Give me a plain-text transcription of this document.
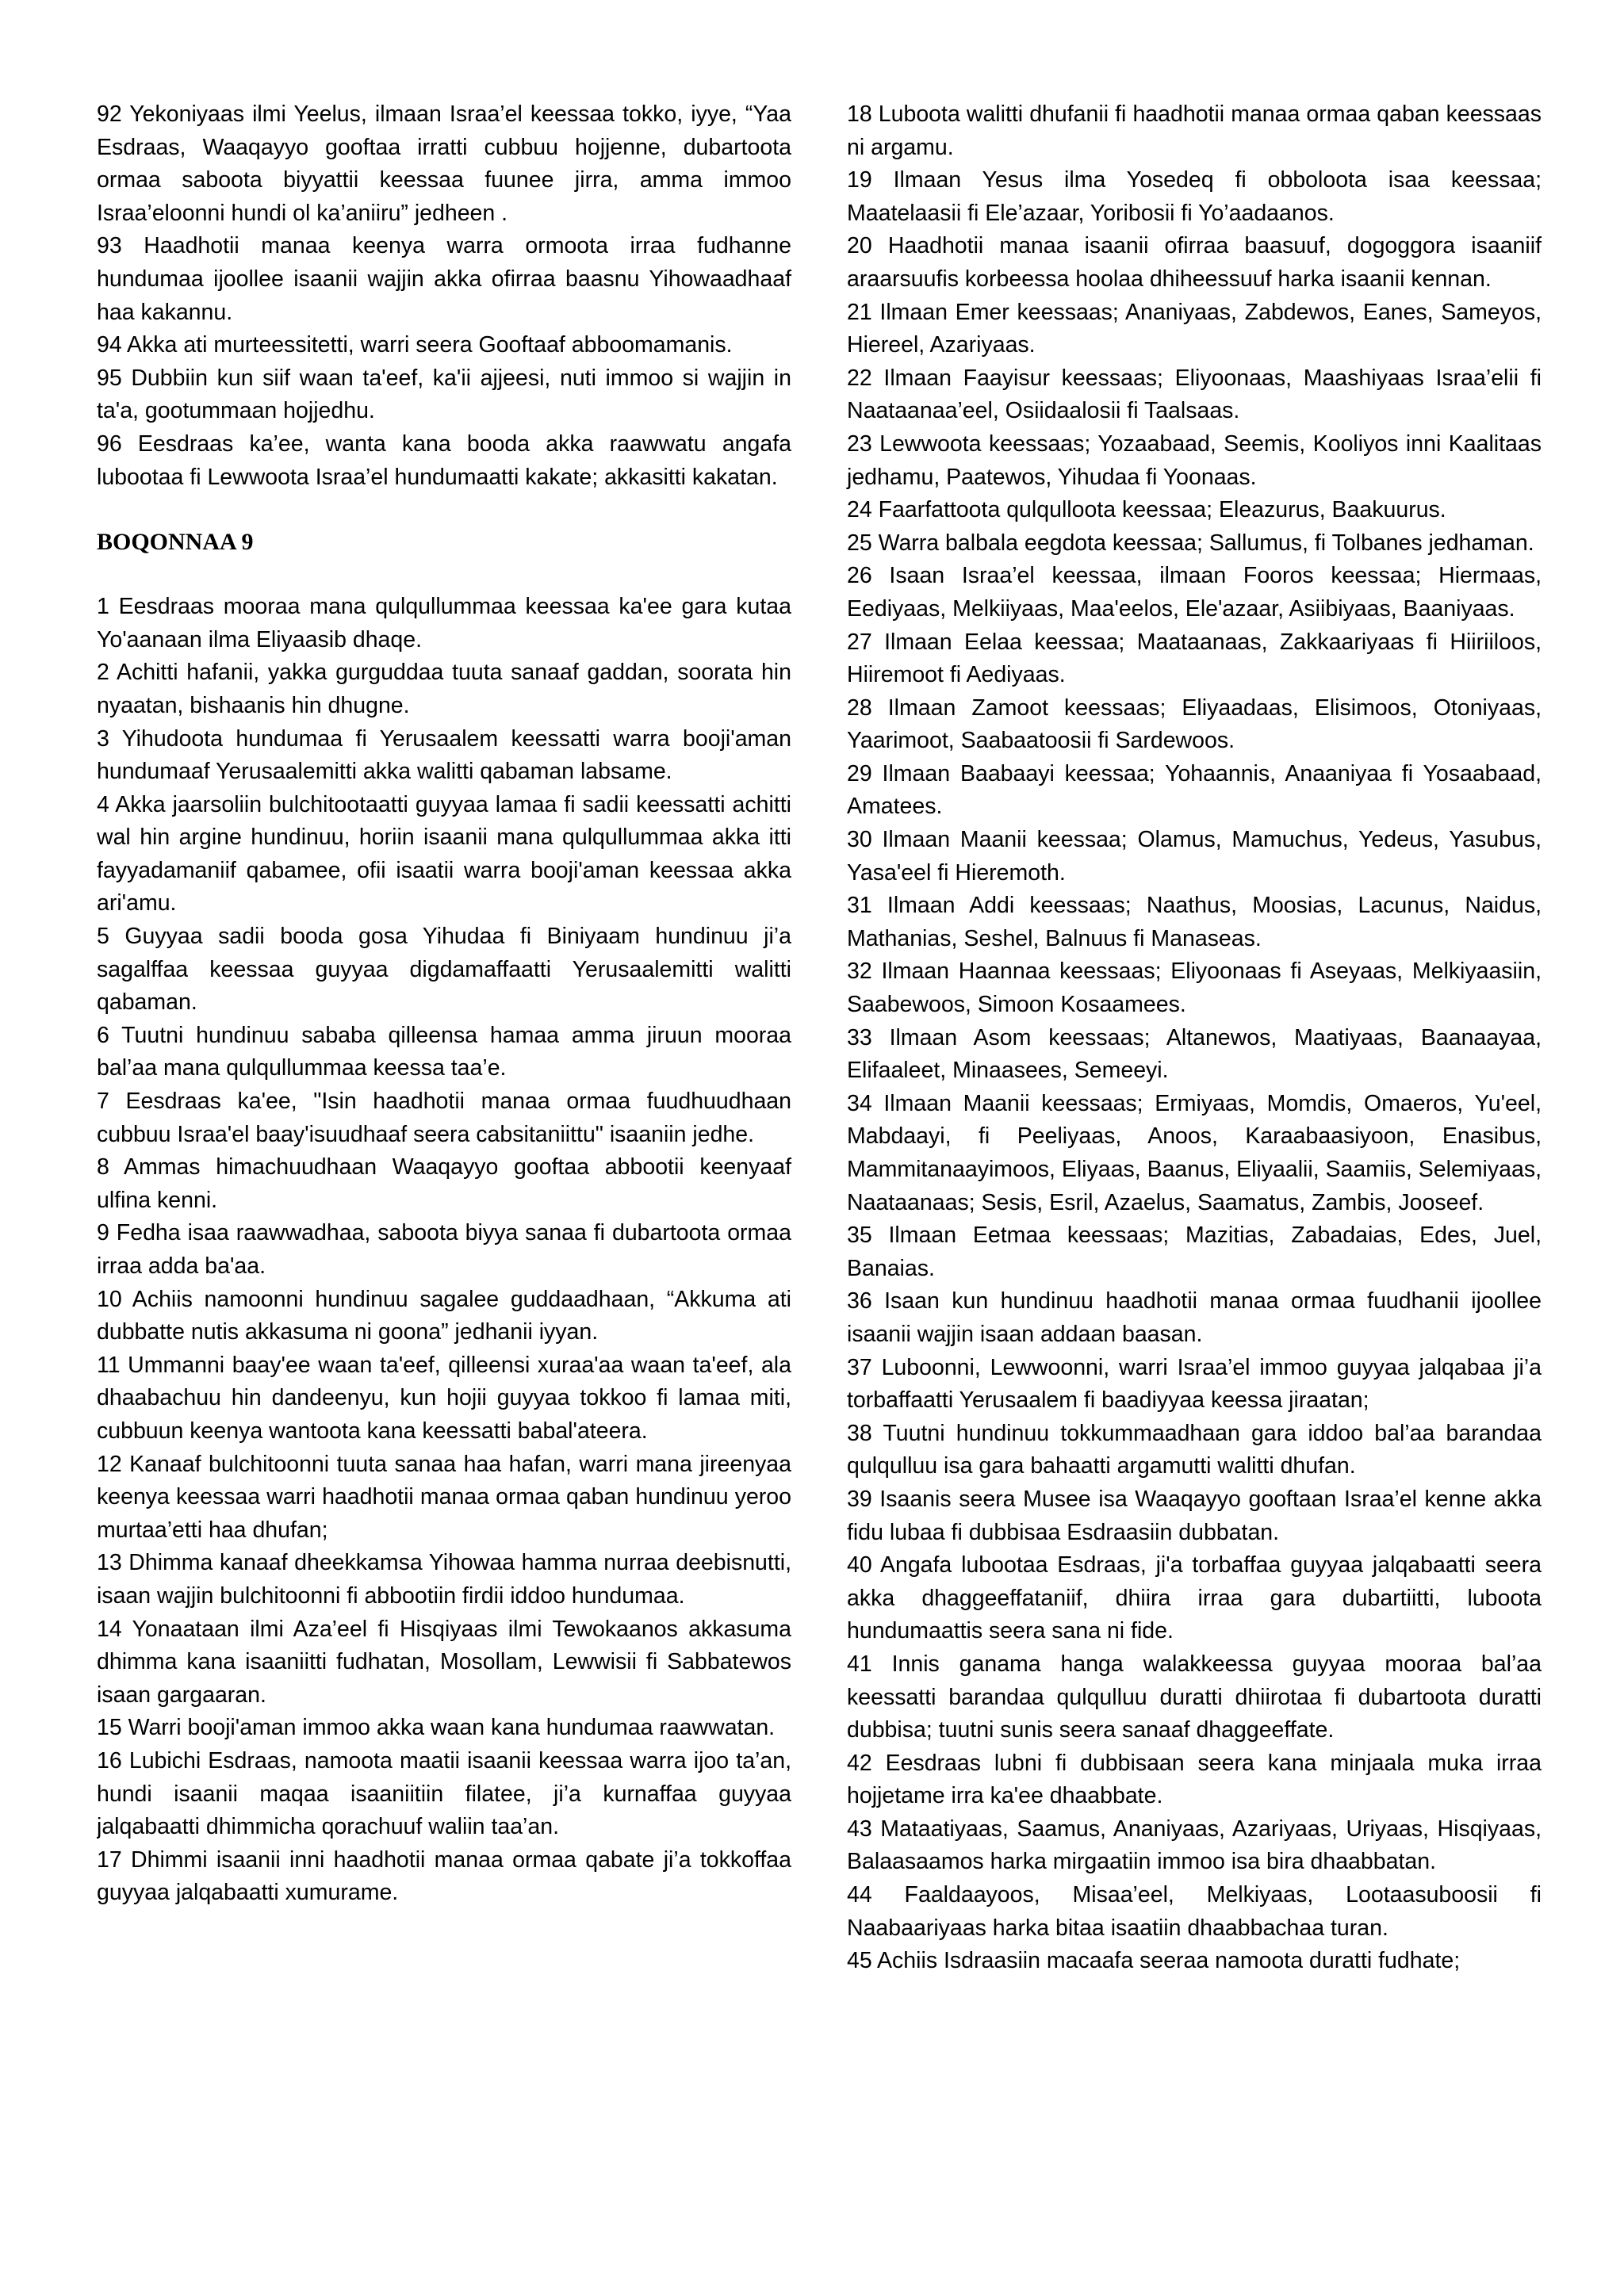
92 Yekoniyaas ilmi Yeelus, ilmaan Israa’el keessaa tokko, iyye, “Yaa Esdraas, Waaqayyo gooftaa irratti cubbuu hojjenne, dubartoota ormaa saboota biyyattii keessaa fuunee jirra, amma immoo Israa’eloonni hundi ol ka’aniiru” jedheen .

93 Haadhotii manaa keenya warra ormoota irraa fudhanne hundumaa ijoollee isaanii wajjin akka ofirraa baasnu Yihowaadhaaf haa kakannu.

94 Akka ati murteessitetti, warri seera Gooftaaf abboomamanis.

95 Dubbiin kun siif waan ta'eef, ka'ii ajjeesi, nuti immoo si wajjin in ta'a, gootummaan hojjedhu.

96 Eesdraas ka’ee, wanta kana booda akka raawwatu angafa lubootaa fi Lewwoota Israa’el hundumaatti kakate; akkasitti kakatan.

BOQONNAA 9

1 Eesdraas mooraa mana qulqullummaa keessaa ka'ee gara kutaa Yo'aanaan ilma Eliyaasib dhaqe.

2 Achitti hafanii, yakka gurguddaa tuuta sanaaf gaddan, soorata hin nyaatan, bishaanis hin dhugne.

3 Yihudoota hundumaa fi Yerusaalem keessatti warra booji'aman hundumaaf Yerusaalemitti akka walitti qabaman labsame.

4 Akka jaarsoliin bulchitootaatti guyyaa lamaa fi sadii keessatti achitti wal hin argine hundinuu, horiin isaanii mana qulqullummaa akka itti fayyadamaniif qabamee, ofii isaatii warra booji'aman keessaa akka ari'amu.

5 Guyyaa sadii booda gosa Yihudaa fi Biniyaam hundinuu ji’a sagalffaa keessaa guyyaa digdamaffaatti Yerusaalemitti walitti qabaman.

6 Tuutni hundinuu sababa qilleensa hamaa amma jiruun mooraa bal’aa mana qulqullummaa keessa taa’e.

7 Eesdraas ka'ee, "Isin haadhotii manaa ormaa fuudhuudhaan cubbuu Israa'el baay'isuudhaaf seera cabsitaniittu" isaaniin jedhe.

8 Ammas himachuudhaan Waaqayyo gooftaa abbootii keenyaaf ulfina kenni.

9 Fedha isaa raawwadhaa, saboota biyya sanaa fi dubartoota ormaa irraa adda ba'aa.

10 Achiis namoonni hundinuu sagalee guddaadhaan, “Akkuma ati dubbatte nutis akkasuma ni goona” jedhanii iyyan.

11 Ummanni baay'ee waan ta'eef, qilleensi xuraa'aa waan ta'eef, ala dhaabachuu hin dandeenyu, kun hojii guyyaa tokkoo fi lamaa miti, cubbuun keenya wantoota kana keessatti babal'ateera.

12 Kanaaf bulchitoonni tuuta sanaa haa hafan, warri mana jireenyaa keenya keessaa warri haadhotii manaa ormaa qaban hundinuu yeroo murtaa’etti haa dhufan;

13 Dhimma kanaaf dheekkamsa Yihowaa hamma nurraa deebisnutti, isaan wajjin bulchitoonni fi abbootiin firdii iddoo hundumaa.

14 Yonaataan ilmi Aza’eel fi Hisqiyaas ilmi Tewokaanos akkasuma dhimma kana isaaniitti fudhatan, Mosollam, Lewwisii fi Sabbatewos isaan gargaaran.

15 Warri booji'aman immoo akka waan kana hundumaa raawwatan.

16 Lubichi Esdraas, namoota maatii isaanii keessaa warra ijoo ta’an, hundi isaanii maqaa isaaniitiin filatee, ji’a kurnaffaa guyyaa jalqabaatti dhimmicha qorachuuf waliin taa’an.

17 Dhimmi isaanii inni haadhotii manaa ormaa qabate ji’a tokkoffaa guyyaa jalqabaatti xumurame.

18 Luboota walitti dhufanii fi haadhotii manaa ormaa qaban keessaas ni argamu.

19 Ilmaan Yesus ilma Yosedeq fi obboloota isaa keessaa; Maatelaasii fi Ele’azaar, Yoribosii fi Yo’aadaanos.

20 Haadhotii manaa isaanii ofirraa baasuuf, dogoggora isaaniif araarsuufis korbeessa hoolaa dhiheessuuf harka isaanii kennan.

21 Ilmaan Emer keessaas; Ananiyaas, Zabdewos, Eanes, Sameyos, Hiereel, Azariyaas.

22 Ilmaan Faayisur keessaas; Eliyoonaas, Maashiyaas Israa’elii fi Naataanaa’eel, Osiidaalosii fi Taalsaas.

23 Lewwoota keessaas; Yozaabaad, Seemis, Kooliyos inni Kaalitaas jedhamu, Paatewos, Yihudaa fi Yoonaas.

24 Faarfattoota qulqulloota keessaa; Eleazurus, Baakuurus.

25 Warra balbala eegdota keessaa; Sallumus, fi Tolbanes jedhaman.

26 Isaan Israa’el keessaa, ilmaan Fooros keessaa; Hiermaas, Eediyaas, Melkiiyaas, Maa'eelos, Ele'azaar, Asiibiyaas, Baaniyaas.

27 Ilmaan Eelaa keessaa; Maataanaas, Zakkaariyaas fi Hiiriiloos, Hiiremoot fi Aediyaas.

28 Ilmaan Zamoot keessaas; Eliyaadaas, Elisimoos, Otoniyaas, Yaarimoot, Saabaatoosii fi Sardewoos.

29 Ilmaan Baabaayi keessaa; Yohaannis, Anaaniyaa fi Yosaabaad, Amatees.

30 Ilmaan Maanii keessaa; Olamus, Mamuchus, Yedeus, Yasubus, Yasa'eel fi Hieremoth.

31 Ilmaan Addi keessaas; Naathus, Moosias, Lacunus, Naidus, Mathanias, Seshel, Balnuus fi Manaseas.

32 Ilmaan Haannaa keessaas; Eliyoonaas fi Aseyaas, Melkiyaasiin, Saabewoos, Simoon Kosaamees.

33 Ilmaan Asom keessaas; Altanewos, Maatiyaas, Baanaayaa, Elifaaleet, Minaasees, Semeeyi.

34 Ilmaan Maanii keessaas; Ermiyaas, Momdis, Omaeros, Yu'eel, Mabdaayi, fi Peeliyaas, Anoos, Karaabaasiyoon, Enasibus, Mammitanaayimoos, Eliyaas, Baanus, Eliyaalii, Saamiis, Selemiyaas, Naataanaas; Sesis, Esril, Azaelus, Saamatus, Zambis, Jooseef.

35 Ilmaan Eetmaa keessaas; Mazitias, Zabadaias, Edes, Juel, Banaias.

36 Isaan kun hundinuu haadhotii manaa ormaa fuudhanii ijoollee isaanii wajjin isaan addaan baasan.

37 Luboonni, Lewwoonni, warri Israa’el immoo guyyaa jalqabaa ji’a torbaffaatti Yerusaalem fi baadiyyaa keessa jiraatan;

38 Tuutni hundinuu tokkummaadhaan gara iddoo bal’aa barandaa qulqulluu isa gara bahaatti argamutti walitti dhufan.

39 Isaanis seera Musee isa Waaqayyo gooftaan Israa’el kenne akka fidu lubaa fi dubbisaa Esdraasiin dubbatan.

40 Angafa lubootaa Esdraas, ji'a torbaffaa guyyaa jalqabaatti seera akka dhaggeeffataniif, dhiira irraa gara dubartiitti, luboota hundumaattis seera sana ni fide.

41 Innis ganama hanga walakkeessa guyyaa mooraa bal’aa keessatti barandaa qulqulluu duratti dhiirotaa fi dubartoota duratti dubbisa; tuutni sunis seera sanaaf dhaggeeffate.

42 Eesdraas lubni fi dubbisaan seera kana minjaala muka irraa hojjetame irra ka'ee dhaabbate.

43 Mataatiyaas, Saamus, Ananiyaas, Azariyaas, Uriyaas, Hisqiyaas, Balaasaamos harka mirgaatiin immoo isa bira dhaabbatan.

44 Faaldaayoos, Misaa’eel, Melkiyaas, Lootaasuboosii fi Naabaariyaas harka bitaa isaatiin dhaabbachaa turan.

45 Achiis Isdraasiin macaafa seeraa namoota duratti fudhate;
